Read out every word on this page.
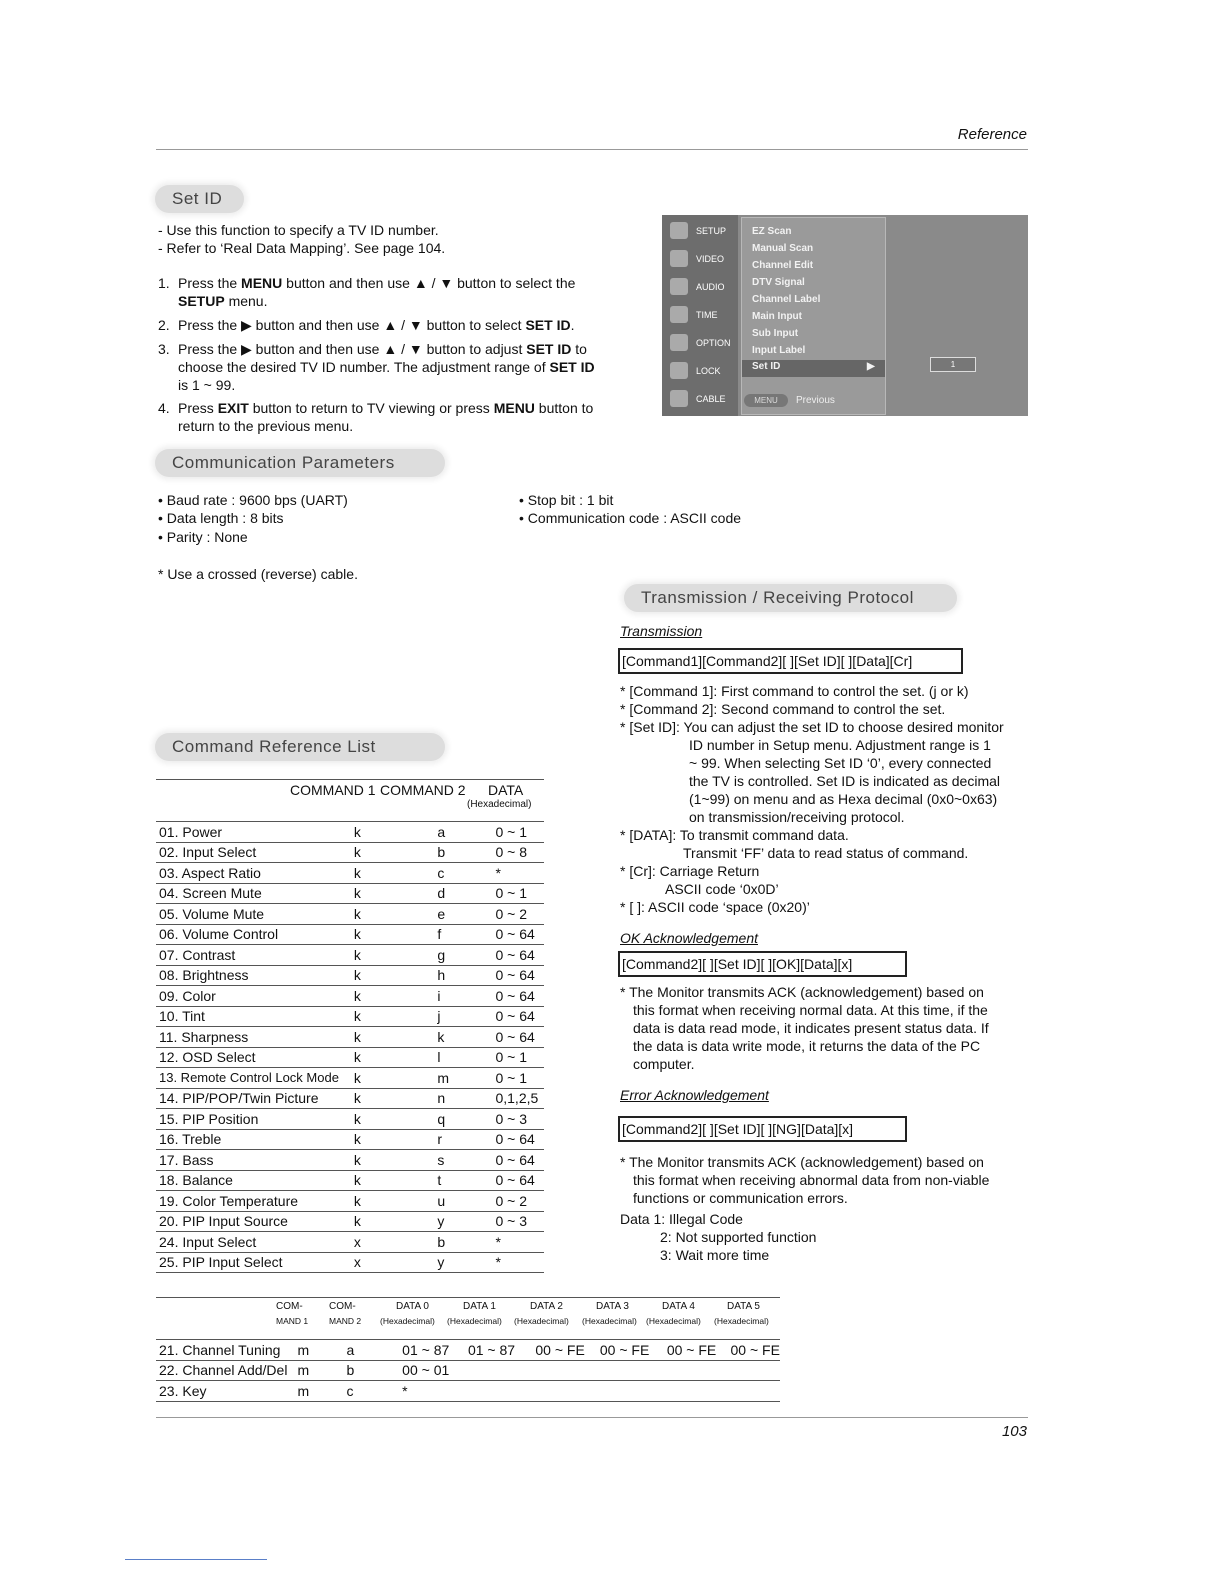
Reference
Set ID
- Use this function to specify a TV ID number.
- Refer to ‘Real Data Mapping’. See page 104.
1. Press the MENU button and then use ▲ / ▼ button to select the SETUP menu.
2. Press the ▶ button and then use ▲ / ▼ button to select SET ID.
3. Press the ▶ button and then use ▲ / ▼ button to adjust SET ID to choose the desired TV ID number. The adjustment range of SET ID is 1 ~ 99.
4. Press EXIT button to return to TV viewing or press MENU button to return to the previous menu.
SETUP
VIDEO
AUDIO
TIME
OPTION
LOCK
CABLE
EZ Scan
Manual Scan
Channel Edit
DTV Signal
Channel Label
Main Input
Sub Input
Input Label
Set ID	▶
MENU	Previous
1
Communication Parameters
• Baud rate : 9600 bps (UART)
• Data length : 8 bits
• Parity : None
• Stop bit : 1 bit
• Communication code : ASCII code
* Use a crossed (reverse) cable.
Command Reference List
COMMAND 1 COMMAND 2 DATA
(Hexadecimal)
01. Power	k	a	0 ~ 1
02. Input Select	k	b	0 ~ 8
03. Aspect Ratio	k	c	*
04. Screen Mute	k	d	0 ~ 1
05. Volume Mute	k	e	0 ~ 2
06. Volume Control	k	f	0 ~ 64
07. Contrast	k	g	0 ~ 64
08. Brightness	k	h	0 ~ 64
09. Color	k	i	0 ~ 64
10. Tint	k	j	0 ~ 64
11. Sharpness	k	k	0 ~ 64
12. OSD Select	k	l	0 ~ 1
13. Remote Control Lock Mode	k	m	0 ~ 1
14. PIP/POP/Twin Picture	k	n	0,1,2,5
15. PIP Position	k	q	0 ~ 3
16. Treble	k	r	0 ~ 64
17. Bass	k	s	0 ~ 64
18. Balance	k	t	0 ~ 64
19. Color Temperature	k	u	0 ~ 2
20. PIP Input Source	k	y	0 ~ 3
24. Input Select	x	b	*
25. PIP Input Select	x	y	*
COM-	COM-	DATA 0	DATA 1	DATA 2	DATA 3	DATA 4	DATA 5
MAND 1 MAND 2 (Hexadecimal) (Hexadecimal) (Hexadecimal) (Hexadecimal) (Hexadecimal) (Hexadecimal)
21. Channel Tuning	m	a	01 ~ 87	01 ~ 87	00 ~ FE	00 ~ FE	00 ~ FE	00 ~ FE
22. Channel Add/Del	m	b	00 ~ 01					
23. Key	m	c	*					
Transmission / Receiving Protocol
Transmission
[Command1][Command2][ ][Set ID][ ][Data][Cr]
* [Command 1]: First command to control the set. (j or k)
* [Command 2]: Second command to control the set.
* [Set ID]: You can adjust the set ID to choose desired monitor
ID number in Setup menu. Adjustment range is 1
~ 99. When selecting Set ID ‘0’, every connected
the TV is controlled. Set ID is indicated as decimal
(1~99) on menu and as Hexa decimal (0x0~0x63)
on transmission/receiving protocol.
* [DATA]: To transmit command data.
Transmit ‘FF’ data to read status of command.
* [Cr]: Carriage Return
ASCII code ‘0x0D’
* [ ]: ASCII code ‘space (0x20)’
OK Acknowledgement
[Command2][ ][Set ID][ ][OK][Data][x]
* The Monitor transmits ACK (acknowledgement) based on
this format when receiving normal data. At this time, if the
data is data read mode, it indicates present status data. If
the data is data write mode, it returns the data of the PC
computer.
Error Acknowledgement
[Command2][ ][Set ID][ ][NG][Data][x]
* The Monitor transmits ACK (acknowledgement) based on
this format when receiving abnormal data from non-viable
functions or communication errors.
Data 1: Illegal Code
2: Not supported function
3: Wait more time
103
